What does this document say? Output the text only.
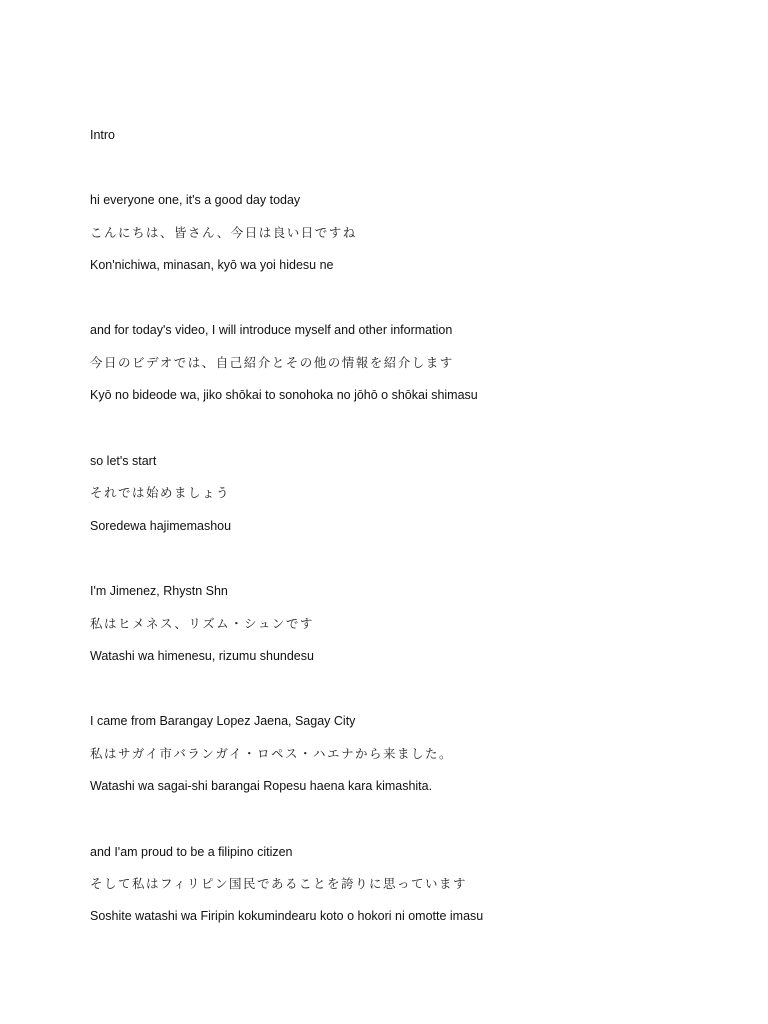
Intro

hi everyone one, it's a good day today

こんにちは、皆さん、今日は良い日ですね

Kon'nichiwa, minasan, kyō wa yoi hidesu ne

and for today's video, I will introduce myself and other information

今日のビデオでは、自己紹介とその他の情報を紹介します

Kyō no bideode wa, jiko shōkai to sonohoka no jōhō o shōkai shimasu

so let's start

それでは始めましょう

Soredewa hajimemashou

I'm Jimenez, Rhystn Shn

私はヒメネス、リズム・シュンです

Watashi wa himenesu, rizumu shundesu

I came from Barangay Lopez Jaena, Sagay City

私はサガイ市バランガイ・ロペス・ハエナから来ました。

Watashi wa sagai-shi barangai Ropesu haena kara kimashita.

and I'am proud to be a filipino citizen

そして私はフィリピン国民であることを誇りに思っています

Soshite watashi wa Firipin kokumindearu koto o hokori ni omotte imasu
